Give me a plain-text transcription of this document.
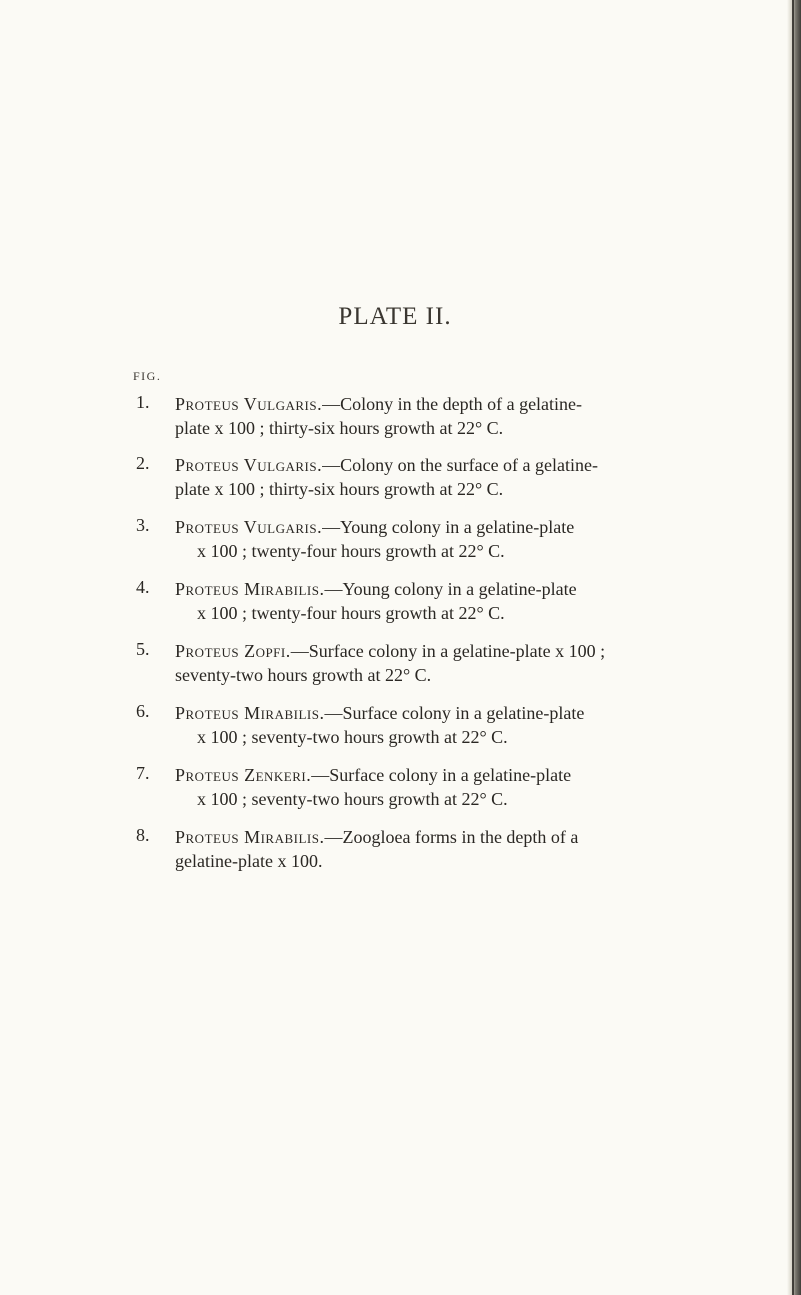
PLATE II.
FIG.
1. Proteus Vulgaris.—Colony in the depth of a gelatine-
plate x 100 ; thirty-six hours growth at 22° C.
2. Proteus Vulgaris.—Colony on the surface of a gelatine-
plate x 100 ; thirty-six hours growth at 22° C.
3. Proteus Vulgaris.—Young colony in a gelatine-plate
x 100 ; twenty-four hours growth at 22° C.
4. Proteus Mirabilis.—Young colony in a gelatine-plate
x 100 ; twenty-four hours growth at 22° C.
5. Proteus Zopfi.—Surface colony in a gelatine-plate x 100 ;
seventy-two hours growth at 22° C.
6. Proteus Mirabilis.—Surface colony in a gelatine-plate
x 100 ; seventy-two hours growth at 22° C.
7. Proteus Zenkeri.—Surface colony in a gelatine-plate
x 100 ; seventy-two hours growth at 22° C.
8. Proteus Mirabilis.—Zoogloea forms in the depth of a
gelatine-plate x 100.
